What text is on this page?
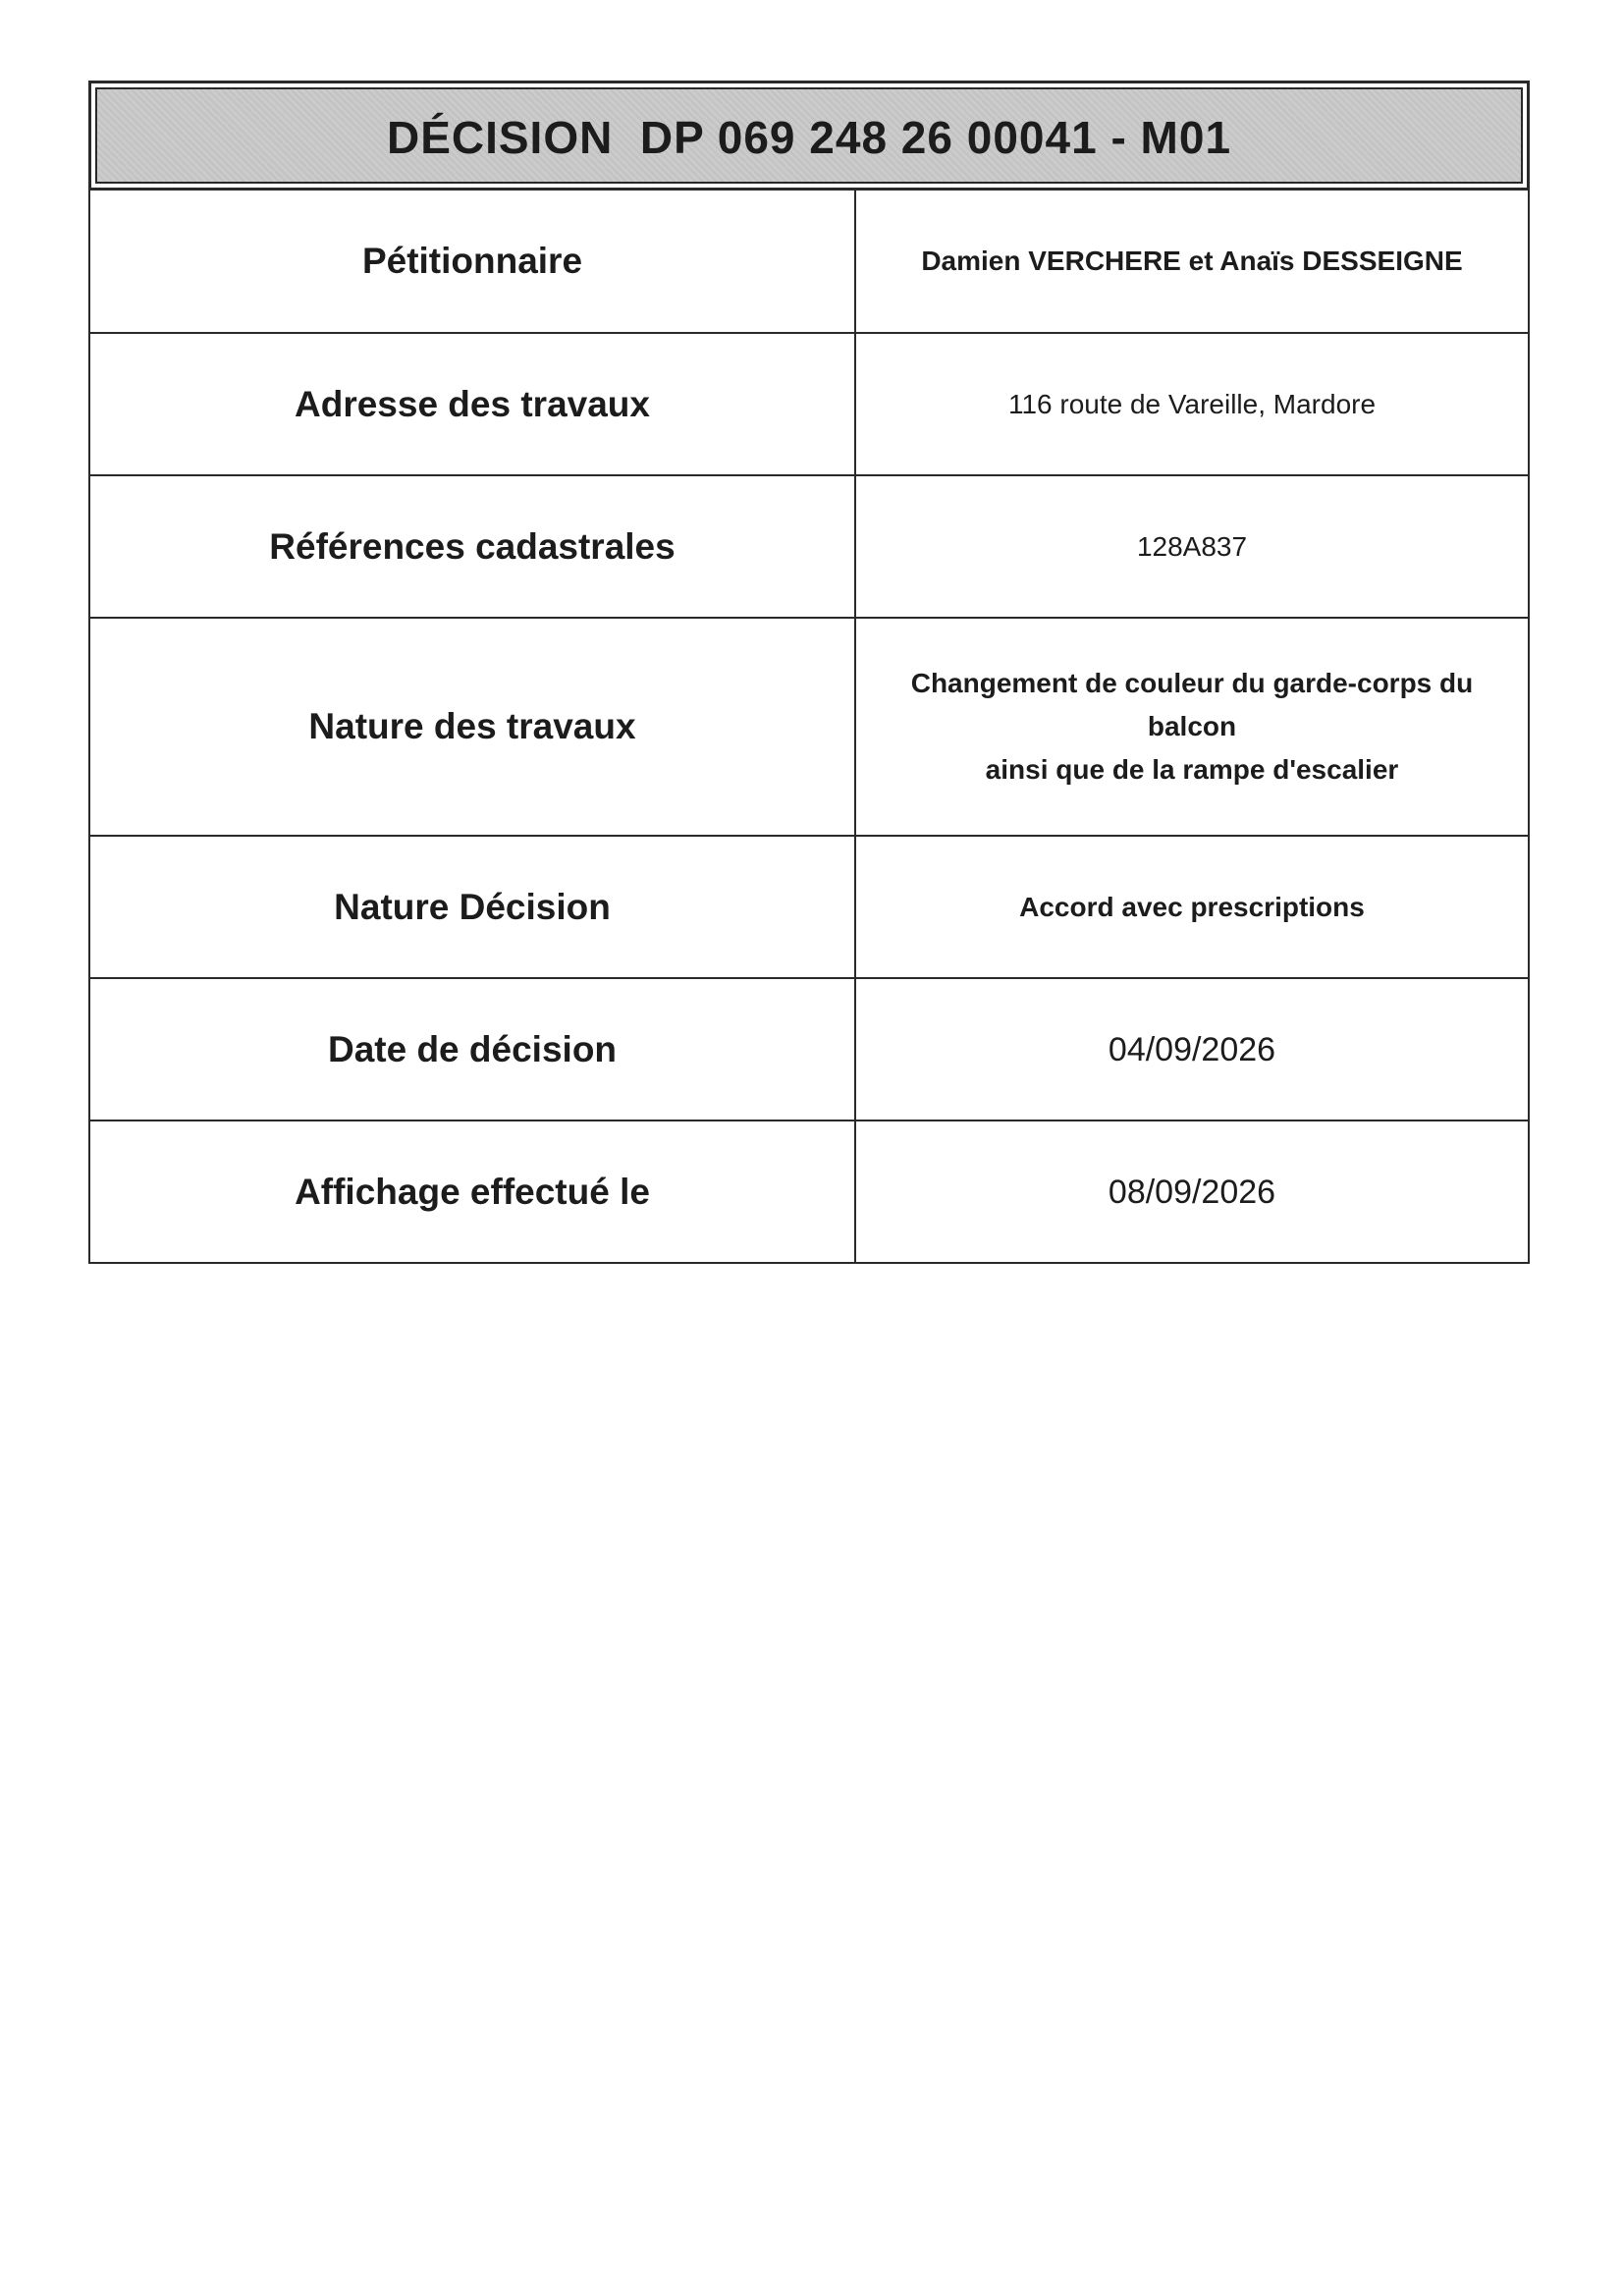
DÉCISION  DP 069 248 26 00041 - M01
Pétitionnaire	Damien VERCHERE et Anaïs DESSEIGNE

Adresse des travaux	116 route de Vareille, Mardore

Références cadastrales	128A837

Nature des travaux	Changement de couleur du garde-corps du balcon
ainsi que de la rampe d'escalier

Nature Décision	Accord avec prescriptions

Date de décision	04/09/2026

Affichage effectué le	08/09/2026
